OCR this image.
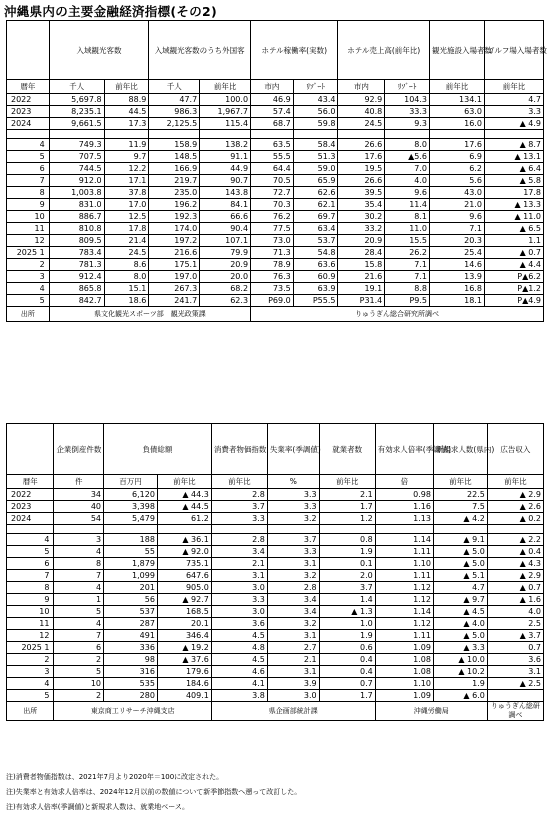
沖縄県内の主要金融経済指標(その2)
	入域観光客数		入域観光客数のうち外国客		ホテル稼働率(実数)		ホテル売上高(前年比)		観光施設入場者数	ゴルフ場入場者数
暦年	千人	前年比	千人	前年比	市内	ﾘｿﾞｰﾄ	市内	ﾘｿﾞｰﾄ	前年比	前年比
2022	5,697.8	88.9	47.7	100.0	46.9	43.4	92.9	104.3	134.1	4.7
2023	8,235.1	44.5	986.3	1,967.7	57.4	56.0	40.8	33.3	63.0	3.3
2024	9,661.5	17.3	2,125.5	115.4	68.7	59.8	24.5	9.3	16.0	▲ 4.9

4	749.3	11.9	158.9	138.2	63.5	58.4	26.6	8.0	17.6	▲ 8.7
5	707.5	9.7	148.5	91.1	55.5	51.3	17.6	▲5.6	6.9	▲ 13.1
6	744.5	12.2	166.9	44.9	64.4	59.0	19.5	7.0	6.2	▲ 6.4
7	912.0	17.1	219.7	90.7	70.5	65.9	26.6	4.0	5.6	▲ 5.8
8	1,003.8	37.8	235.0	143.8	72.7	62.6	39.5	9.6	43.0	17.8
9	831.0	17.0	196.2	84.1	70.3	62.1	35.4	11.4	21.0	▲ 13.3
10	886.7	12.5	192.3	66.6	76.2	69.7	30.2	8.1	9.6	▲ 11.0
11	810.8	17.8	174.0	90.4	77.5	63.4	33.2	11.0	7.1	▲ 6.5
12	809.5	21.4	197.2	107.1	73.0	53.7	20.9	15.5	20.3	1.1
2025 1	783.4	24.5	216.6	79.9	71.3	54.8	28.4	26.2	25.4	▲ 0.7
2	781.3	8.6	175.1	20.9	78.9	63.6	15.8	7.1	14.6	▲ 4.4
3	912.4	8.0	197.0	20.0	76.3	60.9	21.6	7.1	13.9	P▲6.2
4	865.8	15.1	267.3	68.2	73.5	63.9	19.1	8.8	16.8	P▲1.2
5	842.7	18.6	241.7	62.3	P69.0	P55.5	P31.4	P9.5	18.1	P▲4.9
出所	県文化観光スポーツ部　観光政策課				りゅうぎん総合研究所調べ					
	企業倒産件数	負債総額		消費者物価指数	失業率(季調値)	就業者数	有効求人倍率(季調値)	新規求人数(県内)	広告収入
暦年	件	百万円	前年比	前年比	%	前年比	倍	前年比	前年比
2022	34	6,120	▲ 44.3	2.8	3.3	2.1	0.98	22.5	▲ 2.9
2023	40	3,398	▲ 44.5	3.7	3.3	1.7	1.16	7.5	▲ 2.6
2024	54	5,479	61.2	3.3	3.2	1.2	1.13	▲ 4.2	▲ 0.2

4	3	188	▲ 36.1	2.8	3.7	0.8	1.14	▲ 9.1	▲ 2.2
5	4	55	▲ 92.0	3.4	3.3	1.9	1.11	▲ 5.0	▲ 0.4
6	8	1,879	735.1	2.1	3.1	0.1	1.10	▲ 5.0	▲ 4.3
7	7	1,099	647.6	3.1	3.2	2.0	1.11	▲ 5.1	▲ 2.9
8	4	201	905.0	3.0	2.8	3.7	1.12	4.7	▲ 0.7
9	1	56	▲ 92.7	3.3	3.4	1.4	1.12	▲ 9.7	▲ 1.6
10	5	537	168.5	3.0	3.4	▲ 1.3	1.14	▲ 4.5	4.0
11	4	287	20.1	3.6	3.2	1.0	1.12	▲ 4.0	2.5
12	7	491	346.4	4.5	3.1	1.9	1.11	▲ 5.0	▲ 3.7
2025 1	6	336	▲ 19.2	4.8	2.7	0.6	1.09	▲ 3.3	0.7
2	2	98	▲ 37.6	4.5	2.1	0.4	1.08	▲ 10.0	3.6
3	5	316	179.6	4.6	3.1	0.4	1.08	▲ 10.2	3.1
4	10	535	184.6	4.1	3.9	0.7	1.10	1.9	▲ 2.5
5	2	280	409.1	3.8	3.0	1.7	1.09	▲ 6.0	
出所	東京商工リサーチ沖縄支店			県企画部統計課			沖縄労働局		りゅうぎん総研調べ
注)消費者物価指数は、2021年7月より2020年＝100に改定された。
注)失業率と有効求人倍率は、2024年12月以前の数値について新季節指数へ遡って改訂した。
注)有効求人倍率(季調値)と新規求人数は、就業地ベース。
